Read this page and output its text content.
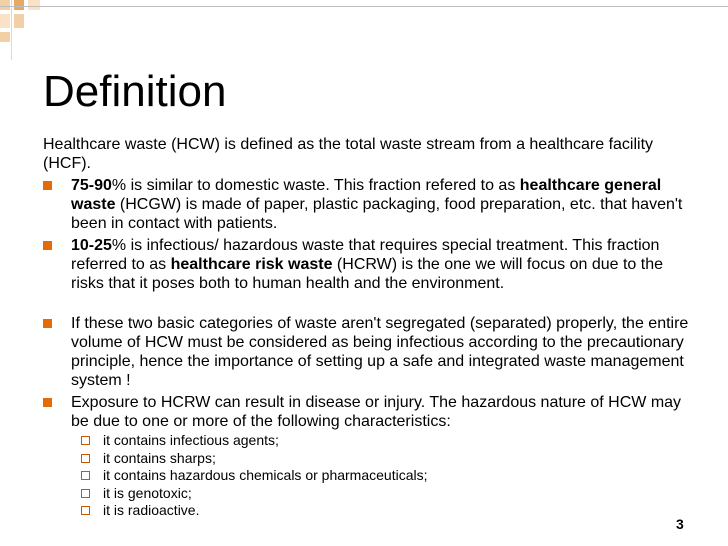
Definition

Healthcare waste (HCW) is defined as the total waste stream from a healthcare facility (HCF).

75-90% is similar to domestic waste. This fraction refered to as healthcare general waste (HCGW) is made of paper, plastic packaging, food preparation, etc. that haven't been in contact with patients.
10-25% is infectious/ hazardous waste that requires special treatment. This fraction referred to as healthcare risk waste (HCRW) is the one we will focus on due to the risks that it poses both to human health and the environment.
If these two basic categories of waste aren't segregated (separated) properly, the entire volume of HCW must be considered as being infectious according to the precautionary principle, hence the importance of setting up a safe and integrated waste management system !
Exposure to HCRW can result in disease or injury. The hazardous nature of HCW may be due to one or more of the following characteristics:
it contains infectious agents;
it contains sharps;
it contains hazardous chemicals or pharmaceuticals;
it is genotoxic;
it is radioactive.
3
